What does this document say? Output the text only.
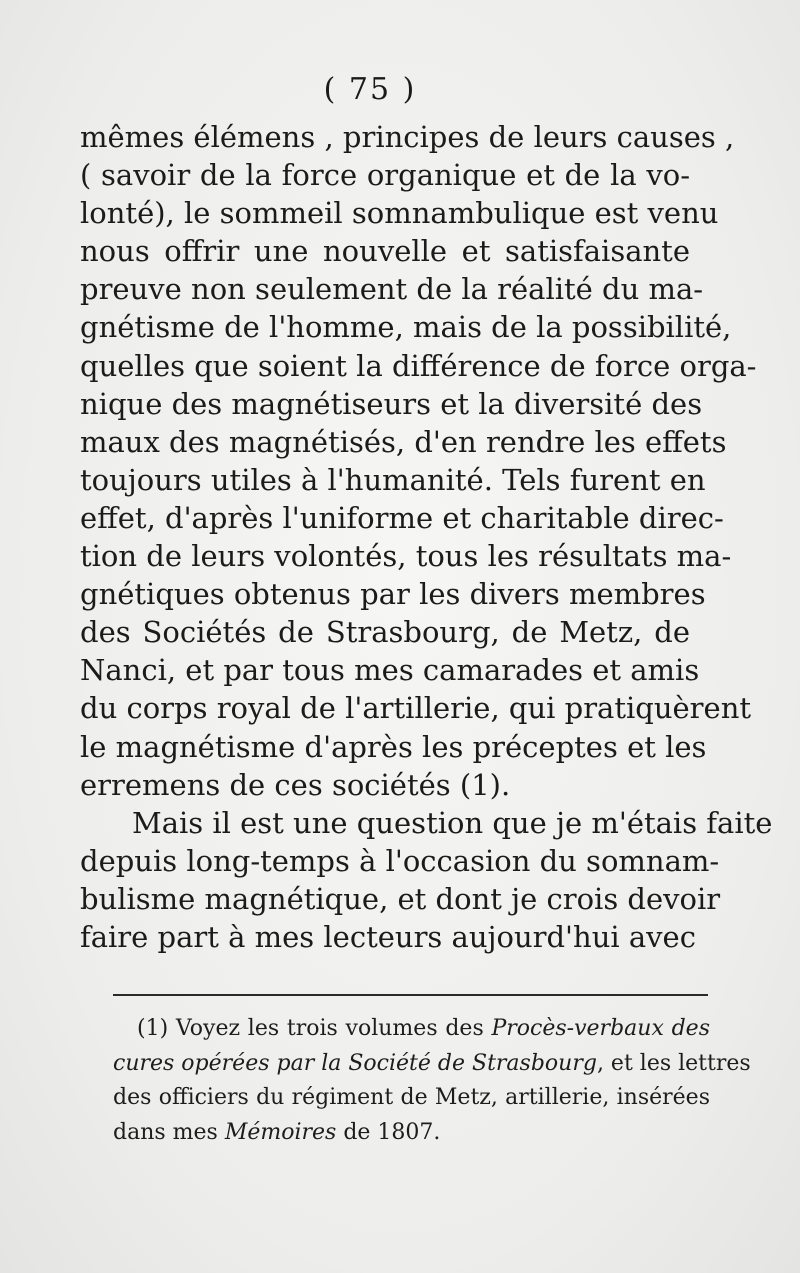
( 75 )
mêmes élémens , principes de leurs causes ,
( savoir de la force organique et de la vo-
lonté), le sommeil somnambulique est venu
nous offrir une nouvelle et satisfaisante
preuve non seulement de la réalité du ma-
gnétisme de l'homme, mais de la possibilité,
quelles que soient la différence de force orga-
nique des magnétiseurs et la diversité des
maux des magnétisés, d'en rendre les effets
toujours utiles à l'humanité. Tels furent en
effet, d'après l'uniforme et charitable direc-
tion de leurs volontés, tous les résultats ma-
gnétiques obtenus par les divers membres
des Sociétés de Strasbourg, de Metz, de
Nanci, et par tous mes camarades et amis
du corps royal de l'artillerie, qui pratiquèrent
le magnétisme d'après les préceptes et les
erremens de ces sociétés (1).
Mais il est une question que je m'étais faite
depuis long-temps à l'occasion du somnam-
bulisme magnétique, et dont je crois devoir
faire part à mes lecteurs aujourd'hui avec
(1) Voyez les trois volumes des Procès-verbaux des
cures opérées par la Société de Strasbourg, et les lettres
des officiers du régiment de Metz, artillerie, insérées
dans mes Mémoires de 1807.
